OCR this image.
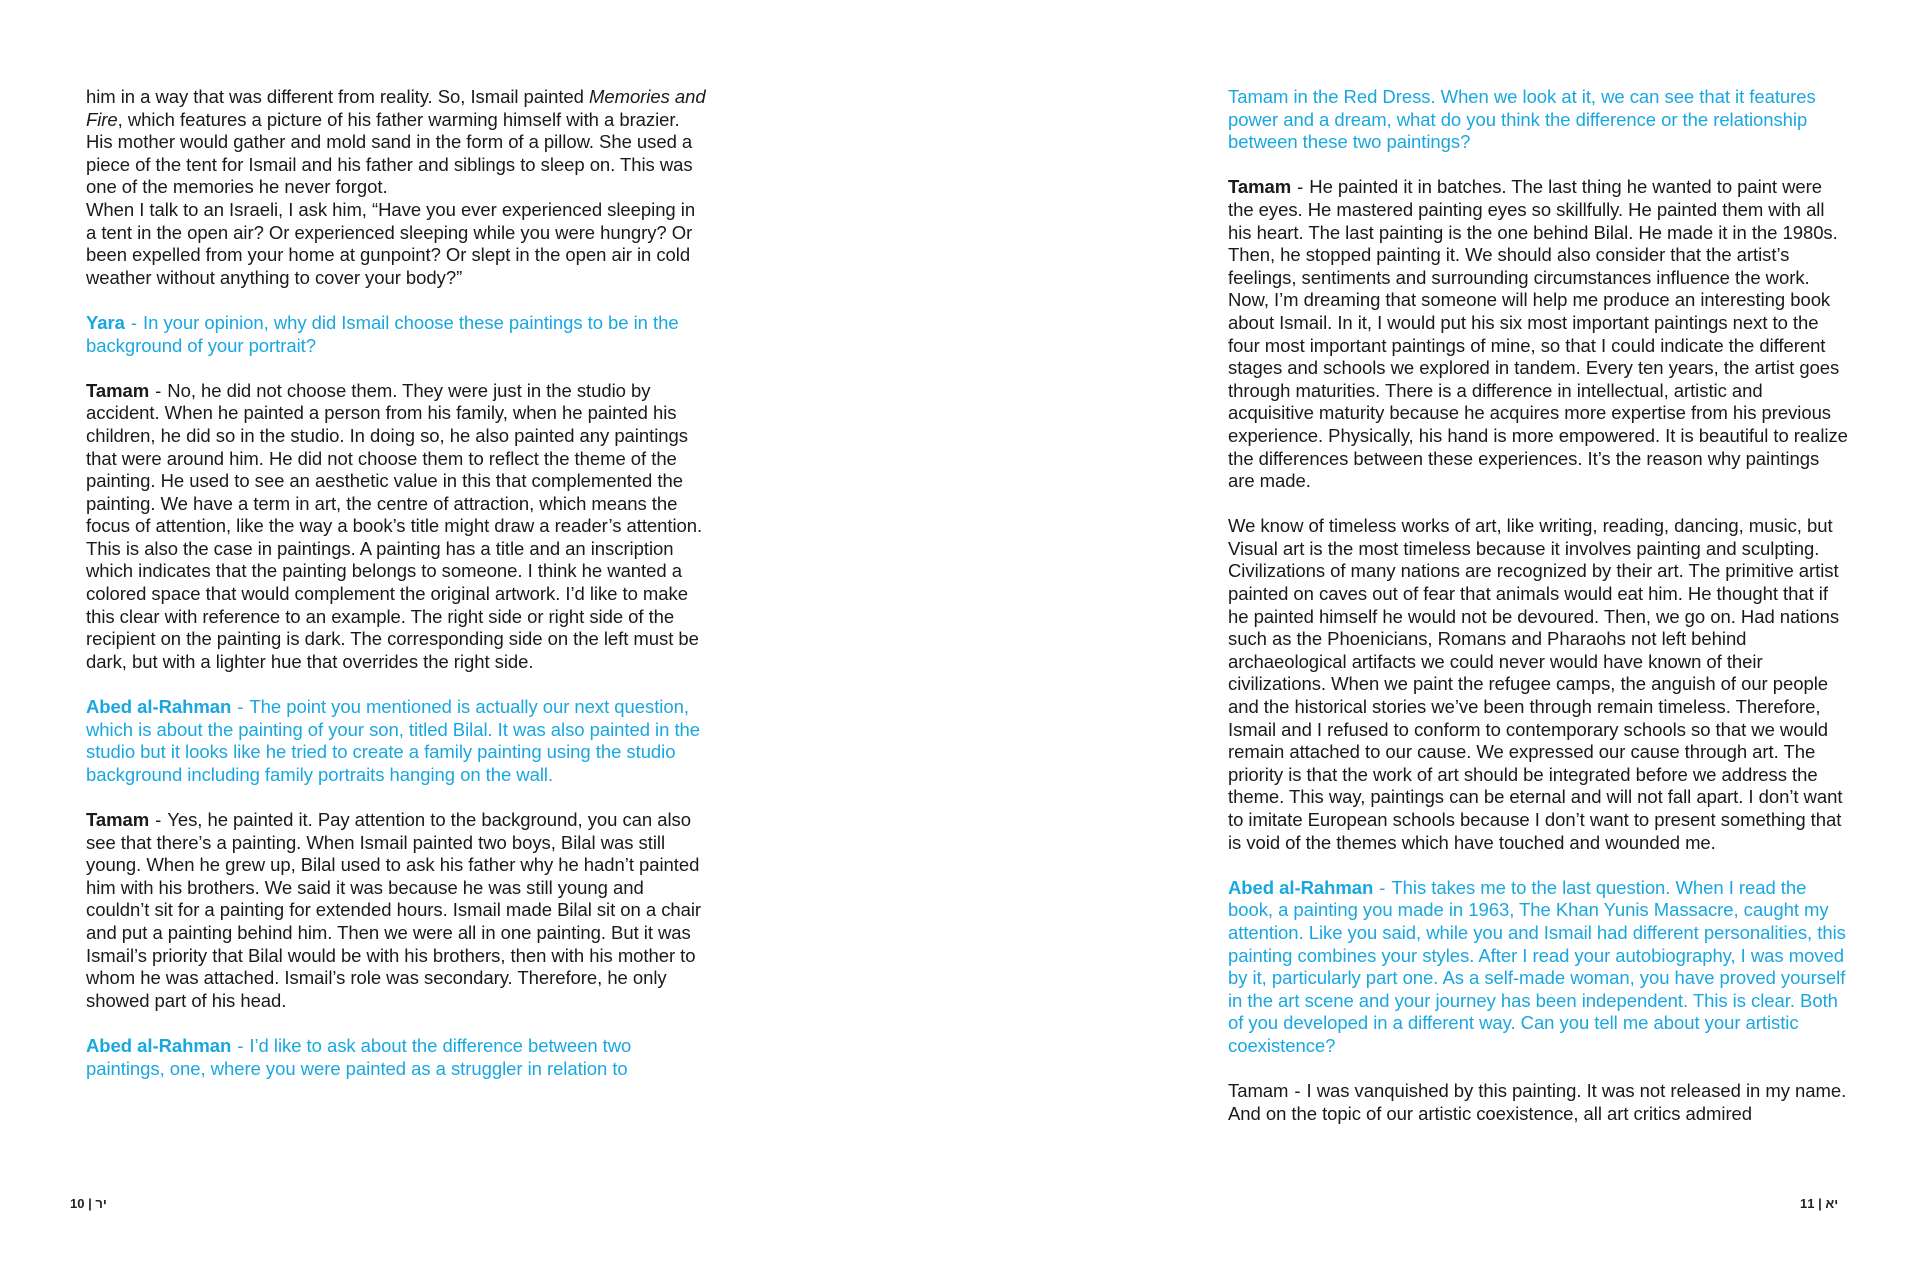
him in a way that was different from reality. So, Ismail painted Memories and Fire, which features a picture of his father warming himself with a brazier. His mother would gather and mold sand in the form of a pillow. She used a piece of the tent for Ismail and his father and siblings to sleep on. This was one of the memories he never forgot.
When I talk to an Israeli, I ask him, “Have you ever experienced sleeping in a tent in the open air? Or experienced sleeping while you were hungry? Or been expelled from your home at gunpoint? Or slept in the open air in cold weather without anything to cover your body?”

Yara - In your opinion, why did Ismail choose these paintings to be in the background of your portrait?

Tamam - No, he did not choose them. They were just in the studio by accident. When he painted a person from his family, when he painted his children, he did so in the studio. In doing so, he also painted any paintings that were around him. He did not choose them to reflect the theme of the painting. He used to see an aesthetic value in this that complemented the painting. We have a term in art, the centre of attraction, which means the focus of attention, like the way a book’s title might draw a reader’s attention. This is also the case in paintings. A painting has a title and an inscription which indicates that the painting belongs to someone. I think he wanted a colored space that would complement the original artwork. I’d like to make this clear with reference to an example. The right side or right side of the recipient on the painting is dark. The corresponding side on the left must be dark, but with a lighter hue that overrides the right side.

Abed al-Rahman - The point you mentioned is actually our next question, which is about the painting of your son, titled Bilal. It was also painted in the studio but it looks like he tried to create a family painting using the studio background including family portraits hanging on the wall.

Tamam - Yes, he painted it. Pay attention to the background, you can also see that there’s a painting. When Ismail painted two boys, Bilal was still young. When he grew up, Bilal used to ask his father why he hadn’t painted him with his brothers. We said it was because he was still young and couldn’t sit for a painting for extended hours. Ismail made Bilal sit on a chair and put a painting behind him. Then we were all in one painting. But it was Ismail’s priority that Bilal would be with his brothers, then with his mother to whom he was attached. Ismail’s role was secondary. Therefore, he only showed part of his head.

Abed al-Rahman - I’d like to ask about the difference between two paintings, one, where you were painted as a struggler in relation to

יר | 10

Tamam in the Red Dress. When we look at it, we can see that it features power and a dream, what do you think the difference or the relationship between these two paintings?

Tamam - He painted it in batches. The last thing he wanted to paint were the eyes. He mastered painting eyes so skillfully. He painted them with all his heart. The last painting is the one behind Bilal. He made it in the 1980s. Then, he stopped painting it. We should also consider that the artist’s feelings, sentiments and surrounding circumstances influence the work. Now, I’m dreaming that someone will help me produce an interesting book about Ismail. In it, I would put his six most important paintings next to the four most important paintings of mine, so that I could indicate the different stages and schools we explored in tandem. Every ten years, the artist goes through maturities. There is a difference in intellectual, artistic and acquisitive maturity because he acquires more expertise from his previous experience. Physically, his hand is more empowered. It is beautiful to realize the differences between these experiences. It’s the reason why paintings are made.

We know of timeless works of art, like writing, reading, dancing, music, but Visual art is the most timeless because it involves painting and sculpting. Civilizations of many nations are recognized by their art. The primitive artist painted on caves out of fear that animals would eat him. He thought that if he painted himself he would not be devoured. Then, we go on. Had nations such as the Phoenicians, Romans and Pharaohs not left behind archaeological artifacts we could never would have known of their civilizations. When we paint the refugee camps, the anguish of our people and the historical stories we’ve been through remain timeless. Therefore, Ismail and I refused to conform to contemporary schools so that we would remain attached to our cause. We expressed our cause through art. The priority is that the work of art should be integrated before we address the theme. This way, paintings can be eternal and will not fall apart. I don’t want to imitate European schools because I don’t want to present something that is void of the themes which have touched and wounded me.

Abed al-Rahman - This takes me to the last question. When I read the book, a painting you made in 1963, The Khan Yunis Massacre, caught my attention. Like you said, while you and Ismail had different personalities, this painting combines your styles. After I read your autobiography, I was moved by it, particularly part one. As a self-made woman, you have proved yourself in the art scene and your journey has been independent. This is clear. Both of you developed in a different way. Can you tell me about your artistic coexistence?

Tamam - I was vanquished by this painting. It was not released in my name. And on the topic of our artistic coexistence, all art critics admired

11 | יא
